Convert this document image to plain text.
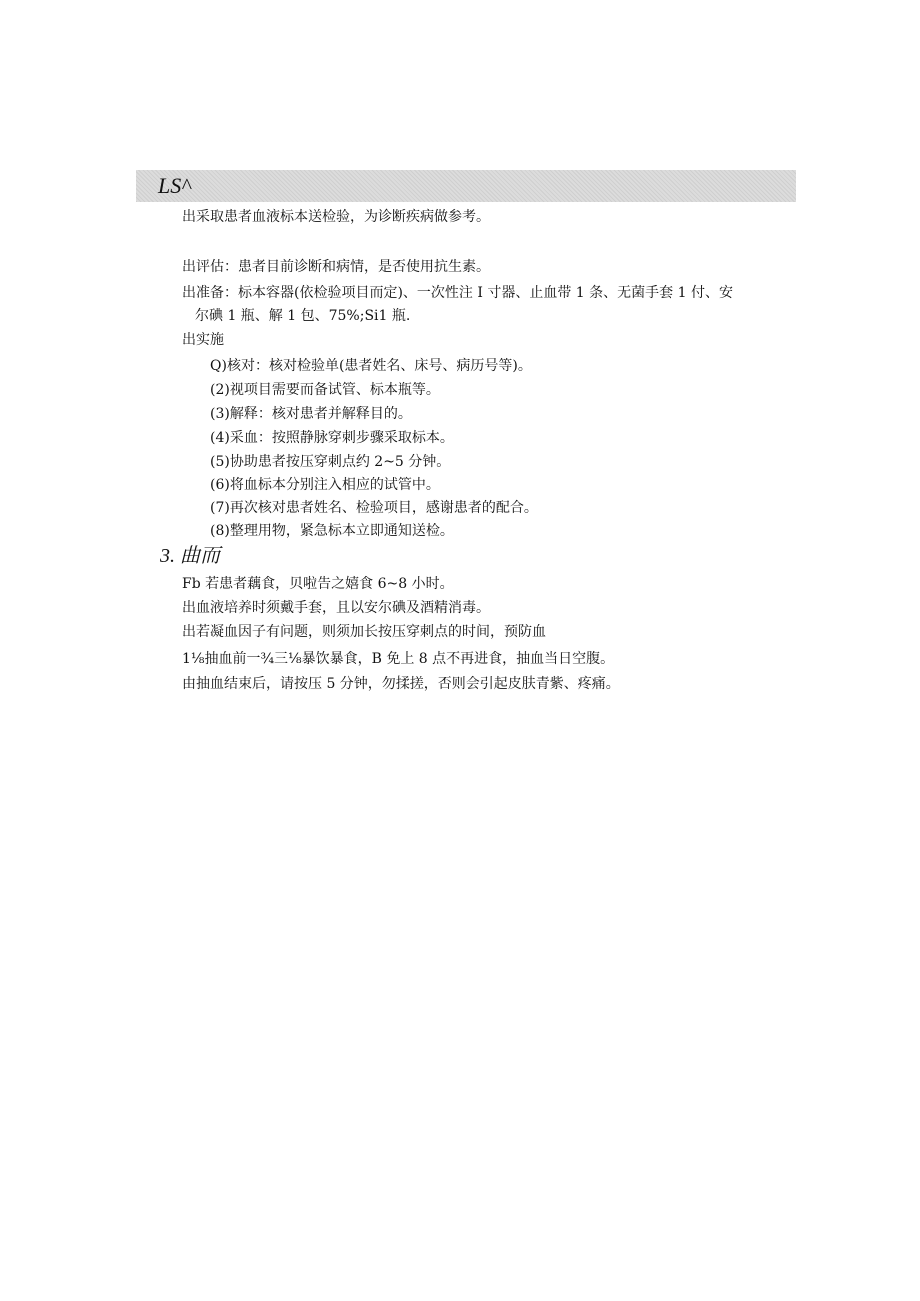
LS^
出采取患者血液标本送检验，为诊断疾病做参考。
出评估：患者目前诊断和病情，是否使用抗生素。
出准备：标本容器(依检验项目而定)、一次性注 I 寸器、止血带 1 条、无菌手套 1 付、安
尔碘 1 瓶、解 1 包、75%;Si1 瓶.
出实施
Q)核对：核对检验单(患者姓名、床号、病历号等)。
(2)视项目需要而备试管、标本瓶等。
(3)解释：核对患者并解释目的。
(4)采血：按照静脉穿刺步骤采取标本。
(5)协助患者按压穿刺点约 2~5 分钟。
(6)将血标本分别注入相应的试管中。
(7)再次核对患者姓名、检验项目，感谢患者的配合。
(8)整理用物，紧急标本立即通知送检。
3. 曲而
Fb 若患者藕食，贝啦告之嬉食 6~8 小时。
出血液培养时须戴手套，且以安尔碘及酒精消毒。
出若凝血因子有问题，则须加长按压穿刺点的时间，预防血
1⅛抽血前一¾三⅛暴饮暴食，B 免上 8 点不再进食，抽血当日空腹。
由抽血结束后，请按压 5 分钟，勿揉搓，否则会引起皮肤青紫、疼痛。
